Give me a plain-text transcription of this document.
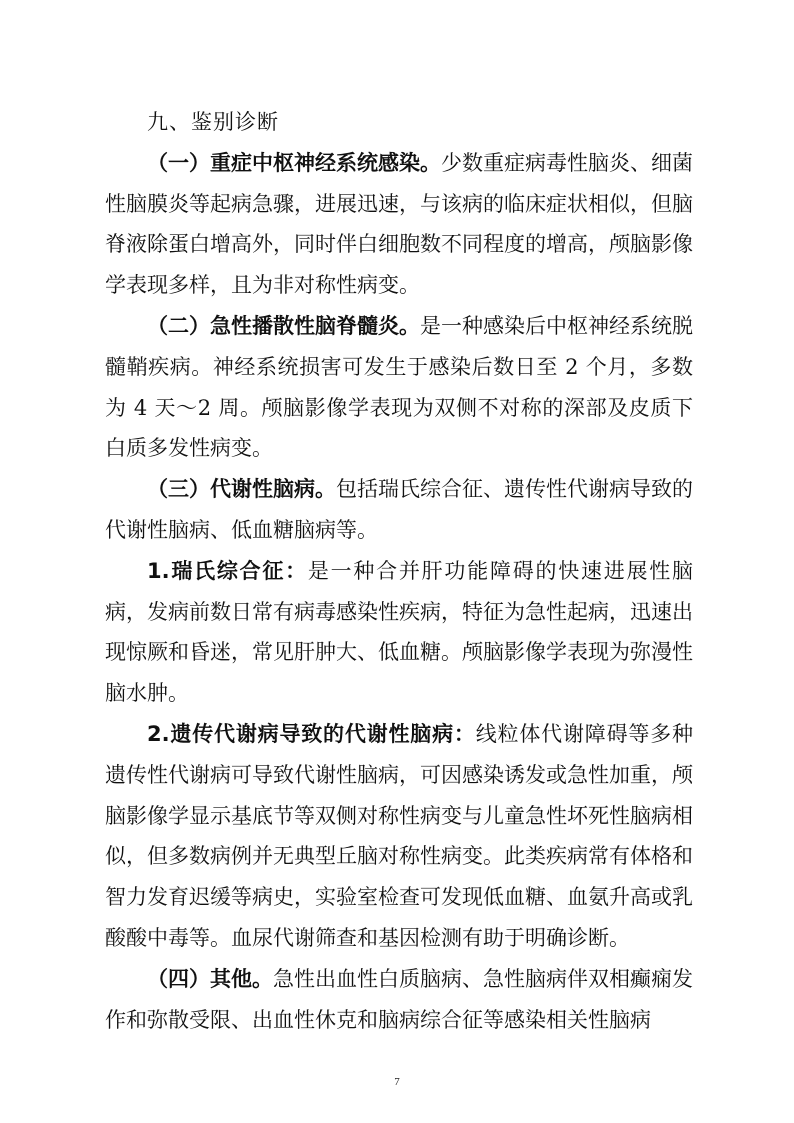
九、鉴别诊断

（一）重症中枢神经系统感染。少数重症病毒性脑炎、细菌性脑膜炎等起病急骤，进展迅速，与该病的临床症状相似，但脑脊液除蛋白增高外，同时伴白细胞数不同程度的增高，颅脑影像学表现多样，且为非对称性病变。

（二）急性播散性脑脊髓炎。是一种感染后中枢神经系统脱髓鞘疾病。神经系统损害可发生于感染后数日至 2 个月，多数为 4 天～2 周。颅脑影像学表现为双侧不对称的深部及皮质下白质多发性病变。

（三）代谢性脑病。包括瑞氏综合征、遗传性代谢病导致的代谢性脑病、低血糖脑病等。

1.瑞氏综合征：是一种合并肝功能障碍的快速进展性脑病，发病前数日常有病毒感染性疾病，特征为急性起病，迅速出现惊厥和昏迷，常见肝肿大、低血糖。颅脑影像学表现为弥漫性脑水肿。

2.遗传代谢病导致的代谢性脑病：线粒体代谢障碍等多种遗传性代谢病可导致代谢性脑病，可因感染诱发或急性加重，颅脑影像学显示基底节等双侧对称性病变与儿童急性坏死性脑病相似，但多数病例并无典型丘脑对称性病变。此类疾病常有体格和智力发育迟缓等病史，实验室检查可发现低血糖、血氨升高或乳酸酸中毒等。血尿代谢筛查和基因检测有助于明确诊断。

（四）其他。急性出血性白质脑病、急性脑病伴双相癫痫发作和弥散受限、出血性休克和脑病综合征等感染相关性脑病

7
